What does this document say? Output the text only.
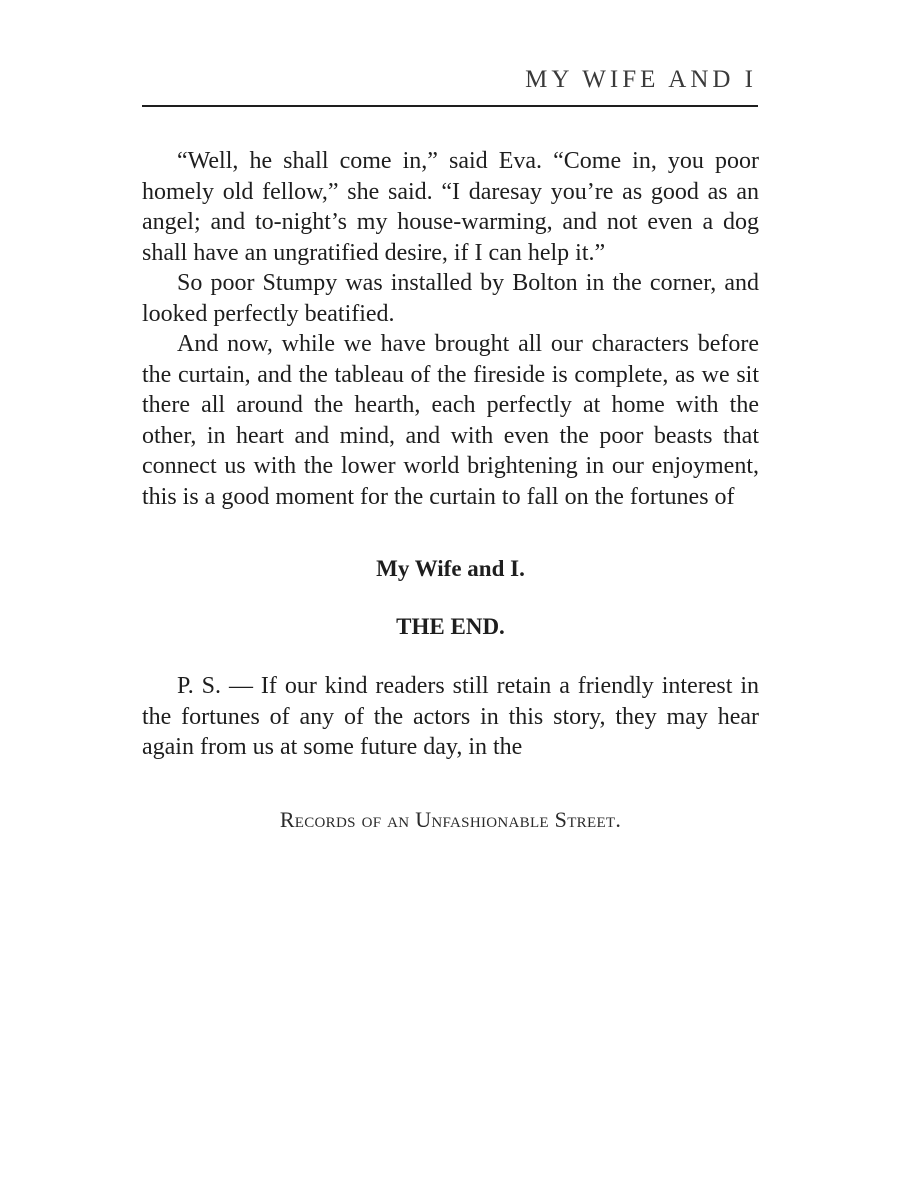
MY WIFE AND I

“Well, he shall come in,” said Eva. “Come in, you poor homely old fellow,” she said. “I daresay you’re as good as an angel; and to-night’s my house-warming, and not even a dog shall have an ungratified desire, if I can help it.”

So poor Stumpy was installed by Bolton in the corner, and looked perfectly beatified.

And now, while we have brought all our characters before the curtain, and the tableau of the fireside is complete, as we sit there all around the hearth, each perfectly at home with the other, in heart and mind, and with even the poor beasts that connect us with the lower world brightening in our enjoyment, this is a good moment for the curtain to fall on the fortunes of

My Wife and I.

THE END.

P. S. — If our kind readers still retain a friendly interest in the fortunes of any of the actors in this story, they may hear again from us at some future day, in the

Records of an Unfashionable Street.
